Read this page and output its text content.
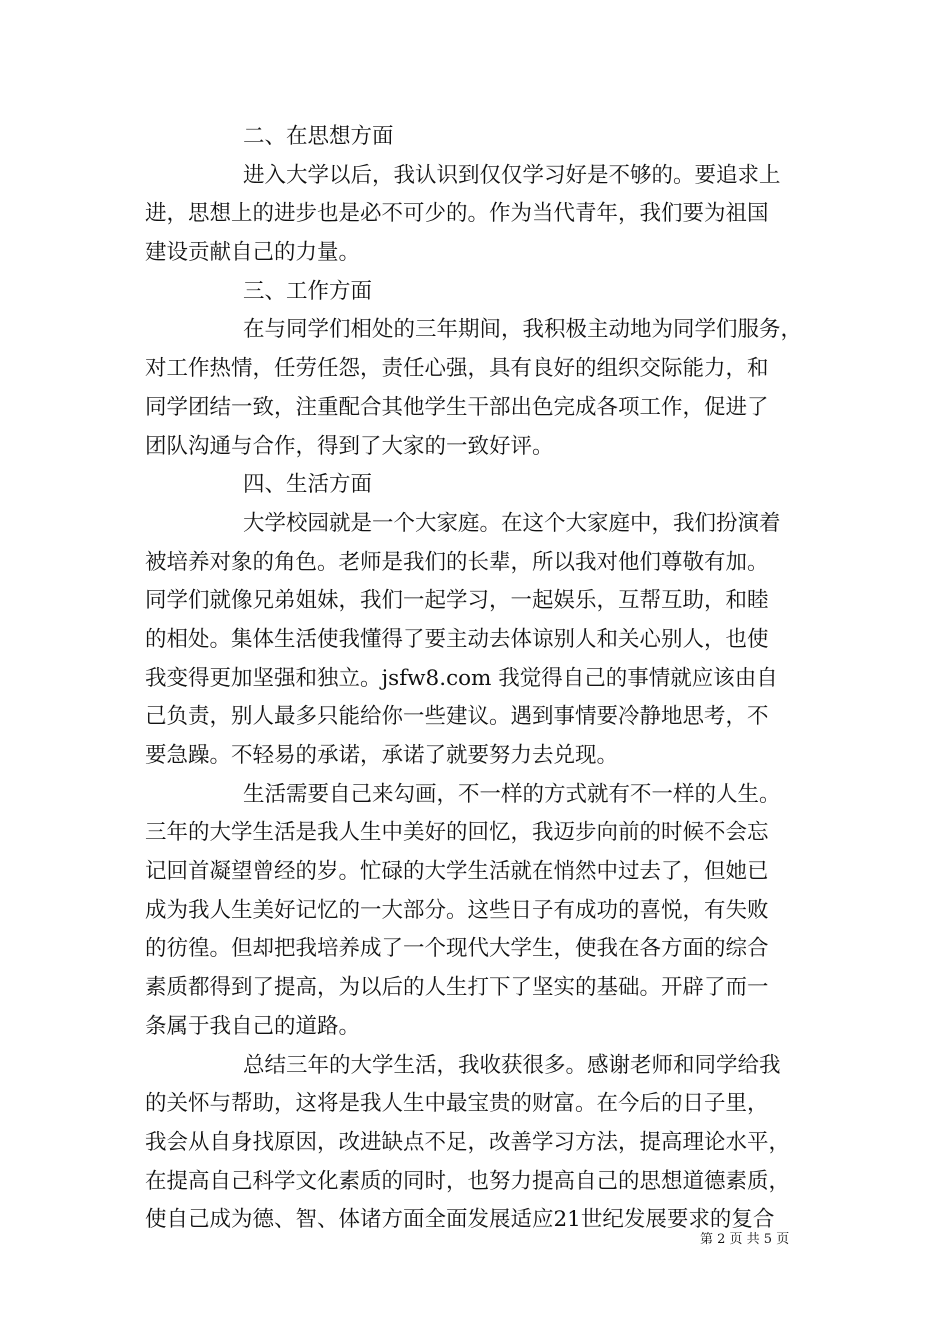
二、在思想方面
进入大学以后，我认识到仅仅学习好是不够的。要追求上
进，思想上的进步也是必不可少的。作为当代青年，我们要为祖国
建设贡献自己的力量。
三、工作方面
在与同学们相处的三年期间，我积极主动地为同学们服务，
对工作热情，任劳任怨，责任心强，具有良好的组织交际能力，和
同学团结一致，注重配合其他学生干部出色完成各项工作，促进了
团队沟通与合作，得到了大家的一致好评。
四、生活方面
大学校园就是一个大家庭。在这个大家庭中，我们扮演着
被培养对象的角色。老师是我们的长辈，所以我对他们尊敬有加。
同学们就像兄弟姐妹，我们一起学习，一起娱乐，互帮互助，和睦
的相处。集体生活使我懂得了要主动去体谅别人和关心别人，也使
我变得更加坚强和独立。jsfw8.com 我觉得自己的事情就应该由自
己负责，别人最多只能给你一些建议。遇到事情要冷静地思考，不
要急躁。不轻易的承诺，承诺了就要努力去兑现。
生活需要自己来勾画，不一样的方式就有不一样的人生。
三年的大学生活是我人生中美好的回忆，我迈步向前的时候不会忘
记回首凝望曾经的岁。忙碌的大学生活就在悄然中过去了，但她已
成为我人生美好记忆的一大部分。这些日子有成功的喜悦，有失败
的彷徨。但却把我培养成了一个现代大学生，使我在各方面的综合
素质都得到了提高，为以后的人生打下了坚实的基础。开辟了而一
条属于我自己的道路。
总结三年的大学生活，我收获很多。感谢老师和同学给我
的关怀与帮助，这将是我人生中最宝贵的财富。在今后的日子里，
我会从自身找原因，改进缺点不足，改善学习方法，提高理论水平，
在提高自己科学文化素质的同时，也努力提高自己的思想道德素质，
使自己成为德、智、体诸方面全面发展适应21世纪发展要求的复合
第 2 页 共 5 页
